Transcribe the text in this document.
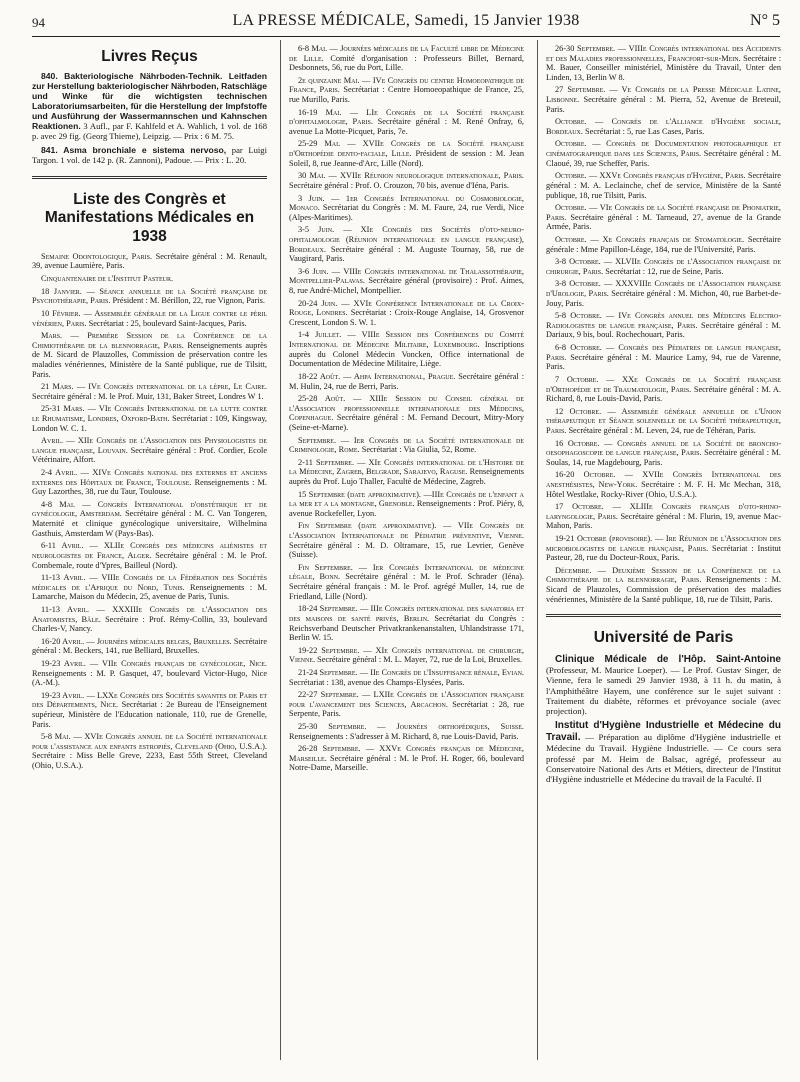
94	LA PRESSE MÉDICALE, Samedi, 15 Janvier 1938	N° 5
Livres Reçus

840. Bakteriologische Nährboden-Technik. Leitfaden zur Herstellung bakteriologischer Nährboden, Ratschläge und Winke für die wichtigsten technischen Laboratoriumsarbeiten, für die Herstellung der Impfstoffe und Ausführung der Wassermannschen und Kahnschen Reaktionen. 3 Aufl., par F. Kahlfeld et A. Wahlich, 1 vol. de 168 p. avec 29 fig. (Georg Thieme), Leipzig. — Prix : 6 M. 75.

841. Asma bronchiale e sistema nervoso, par Luigi Targon. 1 vol. de 142 p. (R. Zannoni), Padoue. — Prix : L. 20.

Liste des Congrès et Manifestations Médicales en 1938

Semaine Odontologique, Paris. Secrétaire général : M. Renault, 39, avenue Laumière, Paris.

Cinquantenaire de l'Institut Pasteur.

18 Janvier. — Séance annuelle de la Société française de Psychothérapie, Paris. Président : M. Bérillon, 22, rue Vignon, Paris.

10 Février. — Assemblée générale de la Ligue contre le péril vénérien, Paris. Secrétariat : 25, boulevard Saint-Jacques, Paris.

Mars. — Première Session de la Conférence de la Chimiothérapie de la blennorragie, Paris. Renseignements auprès de M. Sicard de Plauzolles, Commission de préservation contre les maladies vénériennes, Ministère de la Santé publique, rue de Tilsitt, Paris.

21 Mars. — IVe Congrès international de la lèpre, Le Caire. Secrétaire général : M. le Prof. Muir, 131, Baker Street, Londres W 1.

25-31 Mars. — VIe Congrès International de la lutte contre le Rhumatisme, Londres, Oxford-Bath. Secrétariat : 109, Kingsway, London W. C. 1.

Avril. — XIIe Congrès de l'Association des Physiologistes de langue française, Louvain. Secrétaire général : Prof. Cordier, Ecole Vétérinaire, Alfort.

2-4 Avril. — XIVe Congrès national des externes et anciens externes des Hôpitaux de France, Toulouse. Renseignements : M. Guy Lazorthes, 38, rue du Taur, Toulouse.

4-8 Mai. — Congrès International d'obstétrique et de gynécologie, Amsterdam. Secrétaire général : M. C. Van Tongeren, Maternité et clinique gynécologique universitaire, Wilhelmina Gasthuis, Amsterdam W (Pays-Bas).

6-11 Avril. — XLIIe Congrès des médecins aliénistes et neurologistes de France, Alger. Secrétaire général : M. le Prof. Combemale, route d'Ypres, Bailleul (Nord).

11-13 Avril. — VIIIe Congrès de la Fédération des Sociétés médicales de l'Afrique du Nord, Tunis. Renseignements : M. Lamarche, Maison du Médecin, 25, avenue de Paris, Tunis.

11-13 Avril. — XXXIIIe Congrès de l'Association des Anatomistes, Bâle. Secrétaire : Prof. Rémy-Collin, 33, boulevard Charles-V, Nancy.

16-20 Avril. — Journées médicales belges, Bruxelles. Secrétaire général : M. Beckers, 141, rue Belliard, Bruxelles.

19-23 Avril. — VIIe Congrès français de gynécologie, Nice. Renseignements : M. P. Gasquet, 47, boulevard Victor-Hugo, Nice (A.-M.).

19-23 Avril. — LXXe Congrès des Sociétés savantes de Paris et des Départements, Nice. Secrétariat : 2e Bureau de l'Enseignement supérieur, Ministère de l'Education nationale, 110, rue de Grenelle, Paris.

5-8 Mai. — XVIe Congrès annuel de la Société internationale pour l'assistance aux enfants estropiés, Cleveland (Ohio, U.S.A.). Secrétaire : Miss Belle Greve, 2233, East 55th Street, Cleveland (Ohio, U.S.A.).

6-8 Mai. — Journées médicales de la Faculté libre de Médecine de Lille. Comité d'organisation : Professeurs Billet, Bernard, Desbonnets, 56, rue du Port, Lille.

2e quinzaine Mai. — IVe Congrès du centre Homoeopathique de France, Paris. Secrétariat : Centre Homoeopathique de France, 25, rue Murillo, Paris.

16-19 Mai. — LIe Congrès de la Société française d'ophtalmologie, Paris. Secrétaire général : M. René Onfray, 6, avenue La Motte-Picquet, Paris, 7e.

25-29 Mai. — XVIIe Congrès de la Société française d'Orthopédie dento-faciale, Lille. Président de session : M. Jean Soleil, 8, rue Jeanne-d'Arc, Lille (Nord).

30 Mai. — XVIIe Réunion neurologique internationale, Paris. Secrétaire général : Prof. O. Crouzon, 70 bis, avenue d'Iéna, Paris.

3 Juin. — 1er Congrès International du Cosmobiologie, Monaco. Secrétariat du Congrès : M. M. Faure, 24, rue Verdi, Nice (Alpes-Maritimes).

3-5 Juin. — XIe Congrès des Sociétés d'oto-neuro-ophtalmologie (Réunion internationale en langue française), Bordeaux. Secrétaire général : M. Auguste Tournay, 58, rue de Vaugirard, Paris.

3-6 Juin. — VIIIe Congrès international de Thalassothérapie, Montpellier-Palavas. Secrétaire général (provisoire) : Prof. Aimes, 8, rue André-Michel, Montpellier.

20-24 Juin. — XVIe Conférence Internationale de la Croix-Rouge, Londres. Secrétariat : Croix-Rouge Anglaise, 14, Grosvenor Crescent, London S. W. 1.

1-4 Juillet. — VIIIe Session des Conférences du Comité International de Médecine Militaire, Luxembourg. Inscriptions auprès du Colonel Médecin Voncken, Office international de Documentation de Médecine Militaire, Liège.

18-22 Août. — Ahpa International, Prague. Secrétaire général : M. Hulin, 24, rue de Berri, Paris.

25-28 Août. — XIIIe Session du Conseil général de l'Association professionnelle internationale des Médecins, Copenhague. Secrétaire général : M. Fernand Decourt, Mitry-Mory (Seine-et-Marne).

Septembre. — Ier Congrès de la Société internationale de Criminologie, Rome. Secrétariat : Via Giulia, 52, Rome.

2-11 Septembre. — XIe Congrès international de l'Histoire de la Médecine, Zagreb, Belgrade, Sarajevo, Raguse. Renseignements auprès du Prof. Lujo Thaller, Faculté de Médecine, Zagreb.

15 Septembre (date approximative). —IIIe Congrès de l'enfant a la mer et a la montagne, Grenoble. Renseignements : Prof. Piéry, 8, avenue Rockefeller, Lyon.

Fin Septembre (date approximative). — VIIe Congrès de l'Association Internationale de Pédiatrie préventive, Vienne. Secrétaire général : M. D. Oltramare, 15, rue Levrier, Genève (Suisse).

Fin Septembre. — Ier Congrès International de médecine légale, Bonn. Secrétaire général : M. le Prof. Schrader (Iéna). Secrétaire général français : M. le Prof. agrégé Muller, 14, rue de Friedland, Lille (Nord).

18-24 Septembre. — IIIe Congrès international des sanatoria et des maisons de santé privés, Berlin. Secrétariat du Congrès : Reichsverband Deutscher Privatkrankenanstalten, Uhlandstrasse 171, Berlin W. 15.

19-22 Septembre. — XIe Congrès international de chirurgie, Vienne. Secrétaire général : M. L. Mayer, 72, rue de la Loi, Bruxelles.

21-24 Septembre. — IIe Congrès de l'Insuffisance rénale, Evian. Secrétariat : 138, avenue des Champs-Elysées, Paris.

22-27 Septembre. — LXIIe Congrès de l'Association française pour l'avancement des Sciences, Arcachon. Secrétariat : 28, rue Serpente, Paris.

25-30 Septembre. — Journées orthopédiques, Suisse. Renseignements : S'adresser à M. Richard, 8, rue Louis-David, Paris.

26-28 Septembre. — XXVe Congrès français de Médecine, Marseille. Secrétaire général : M. le Prof. H. Roger, 66, boulevard Notre-Dame, Marseille.

26-30 Septembre. — VIIIe Congrès international des Accidents et des Maladies professionnelles, Francfort-sur-Mein. Secrétaire : M. Bauer, Conseiller ministériel, Ministère du Travail, Unter den Linden, 13, Berlin W 8.

27 Septembre. — Ve Congrès de la Presse Médicale Latine, Lisbonne. Secrétaire général : M. Pierra, 52, Avenue de Breteuil, Paris.

Octobre. — Congrès de l'Alliance d'Hygiène sociale, Bordeaux. Secrétariat : 5, rue Las Cases, Paris.

Octobre. — Congrès de Documentation photographique et cinématographique dans les Sciences, Paris. Secrétaire général : M. Claoué, 39, rue Scheffer, Paris.

Octobre. — XXVe Congrès français d'Hygiène, Paris. Secrétaire général : M. A. Leclainche, chef de service, Ministère de la Santé publique, 18, rue Tilsitt, Paris.

Octobre. — VIe Congrès de la Société française de Phoniatrie, Paris. Secrétaire général : M. Tarneaud, 27, avenue de la Grande Armée, Paris.

Octobre. — Xe Congrès français de Stomatologie. Secrétaire générale : Mme Papillon-Léage, 184, rue de l'Université, Paris.

3-8 Octobre. — XLVIIe Congrès de l'Association française de chirurgie, Paris. Secrétariat : 12, rue de Seine, Paris.

3-8 Octobre. — XXXVIIIe Congrès de l'Association française d'Urologie, Paris. Secrétaire général : M. Michon, 40, rue Barbet-de-Jouy, Paris.

5-8 Octobre. — IVe Congrès annuel des Médecins Electro-Radiologistes de langue française, Paris. Secrétaire général : M. Dariaux, 9 bis, boul. Rochechouart, Paris.

6-8 Octobre. — Congrès des Pédiatres de langue française, Paris. Secrétaire général : M. Maurice Lamy, 94, rue de Varenne, Paris.

7 Octobre. — XXe Congrès de la Société française d'Orthopédie et de Traumatologie, Paris. Secrétaire général : M. A. Richard, 8, rue Louis-David, Paris.

12 Octobre. — Assemblée générale annuelle de l'Union thérapeutique et Séance solennelle de la Société thérapeutique, Paris. Secrétaire général : M. Leven, 24, rue de Téhéran, Paris.

16 Octobre. — Congrès annuel de la Société de broncho-oesophagoscopie de langue française, Paris. Secrétaire général : M. Soulas, 14, rue Magdebourg, Paris.

16-20 Octobre. — XVIIe Congrès International des anesthésistes, New-York. Secrétaire : M. F. H. Mc Mechan, 318, Hôtel Westlake, Rocky-River (Ohio, U.S.A.).

17 Octobre. — XLIIIe Congrès français d'oto-rhino-laryngologie, Paris. Secrétaire général : M. Flurin, 19, avenue Mac-Mahon, Paris.

19-21 Octobre (provisoire). — Ire Réunion de l'Association des microbiologistes de langue française, Paris. Secrétariat : Institut Pasteur, 28, rue du Docteur-Roux, Paris.

Décembre. — Deuxième Session de la Conférence de la Chimiothérapie de la blennorragie, Paris. Renseignements : M. Sicard de Plauzoles, Commission de préservation des maladies vénériennes, Ministère de la Santé publique, 18, rue de Tilsitt, Paris.

Université de Paris

Clinique Médicale de l'Hôp. Saint-Antoine (Professeur, M. Maurice Loeper). — Le Prof. Gustav Singer, de Vienne, fera le samedi 29 Janvier 1938, à 11 h. du matin, à l'Amphithéâtre Hayem, une conférence sur le sujet suivant : Traitement du diabète, réformes et prévoyance sociale (avec projection).

Institut d'Hygiène Industrielle et Médecine du Travail. — Préparation au diplôme d'Hygiène industrielle et Médecine du Travail. Hygiène Industrielle. — Ce cours sera professé par M. Heim de Balsac, agrégé, professeur au Conservatoire National des Arts et Métiers, directeur de l'Institut d'Hygiène industrielle et Médecine du travail de la Faculté. Il
